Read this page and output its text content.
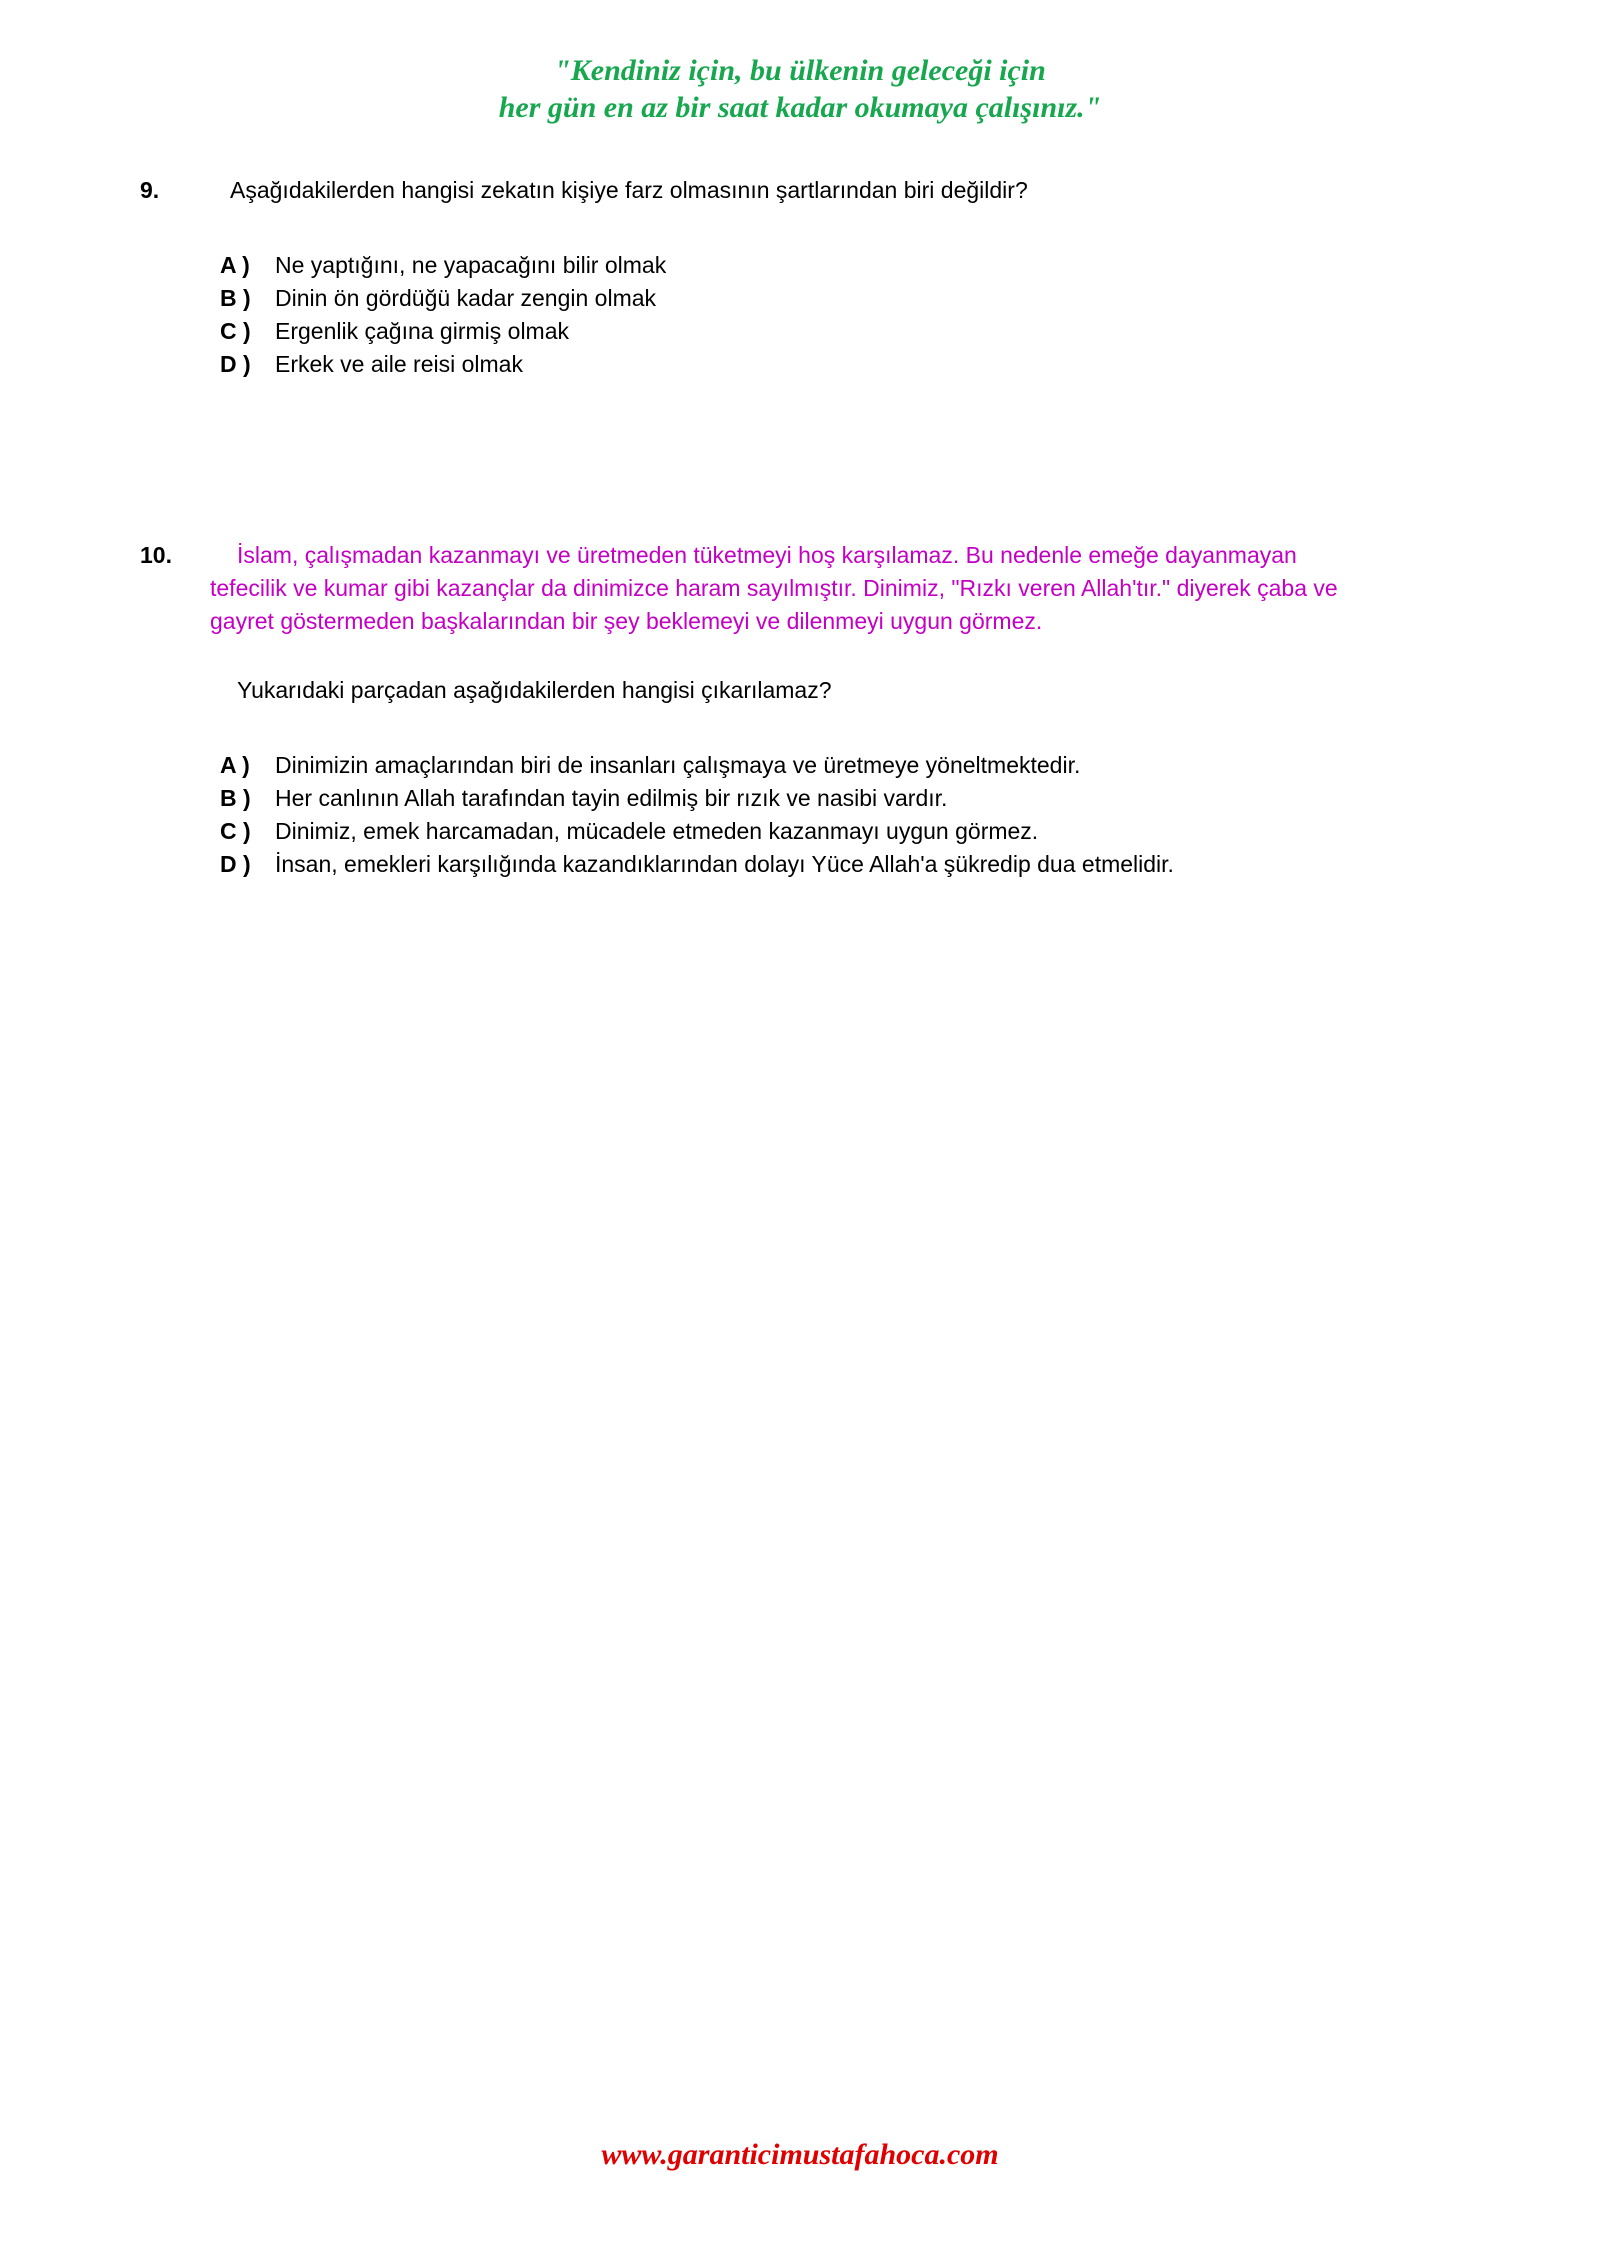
"Kendiniz için, bu ülkenin geleceği için
her gün en az bir saat kadar okumaya çalışınız."
9.	Aşağıdakilerden hangisi zekatın kişiye farz olmasının şartlarından biri değildir?
A )	Ne yaptığını, ne yapacağını bilir olmak
B )	Dinin ön gördüğü kadar zengin olmak
C )	Ergenlik çağına girmiş olmak
D )	Erkek ve aile reisi olmak
10.	İslam, çalışmadan kazanmayı ve üretmeden tüketmeyi hoş karşılamaz. Bu nedenle emeğe dayanmayan tefecilik ve kumar gibi kazançlar da dinimizce haram sayılmıştır. Dinimiz, "Rızkı veren Allah'tır." diyerek çaba ve gayret göstermeden başkalarından bir şey beklemeyi ve dilenmeyi uygun görmez.

Yukarıdaki parçadan aşağıdakilerden hangisi çıkarılamaz?
A )	Dinimizin amaçlarından biri de insanları çalışmaya ve üretmeye yöneltmektedir.
B )	Her canlının Allah tarafından tayin edilmiş bir rızık ve nasibi vardır.
C )	Dinimiz, emek harcamadan, mücadele etmeden kazanmayı uygun görmez.
D )	İnsan, emekleri karşılığında kazandıklarından dolayı Yüce Allah'a şükredip dua etmelidir.
www.garanticimustafahoca.com
